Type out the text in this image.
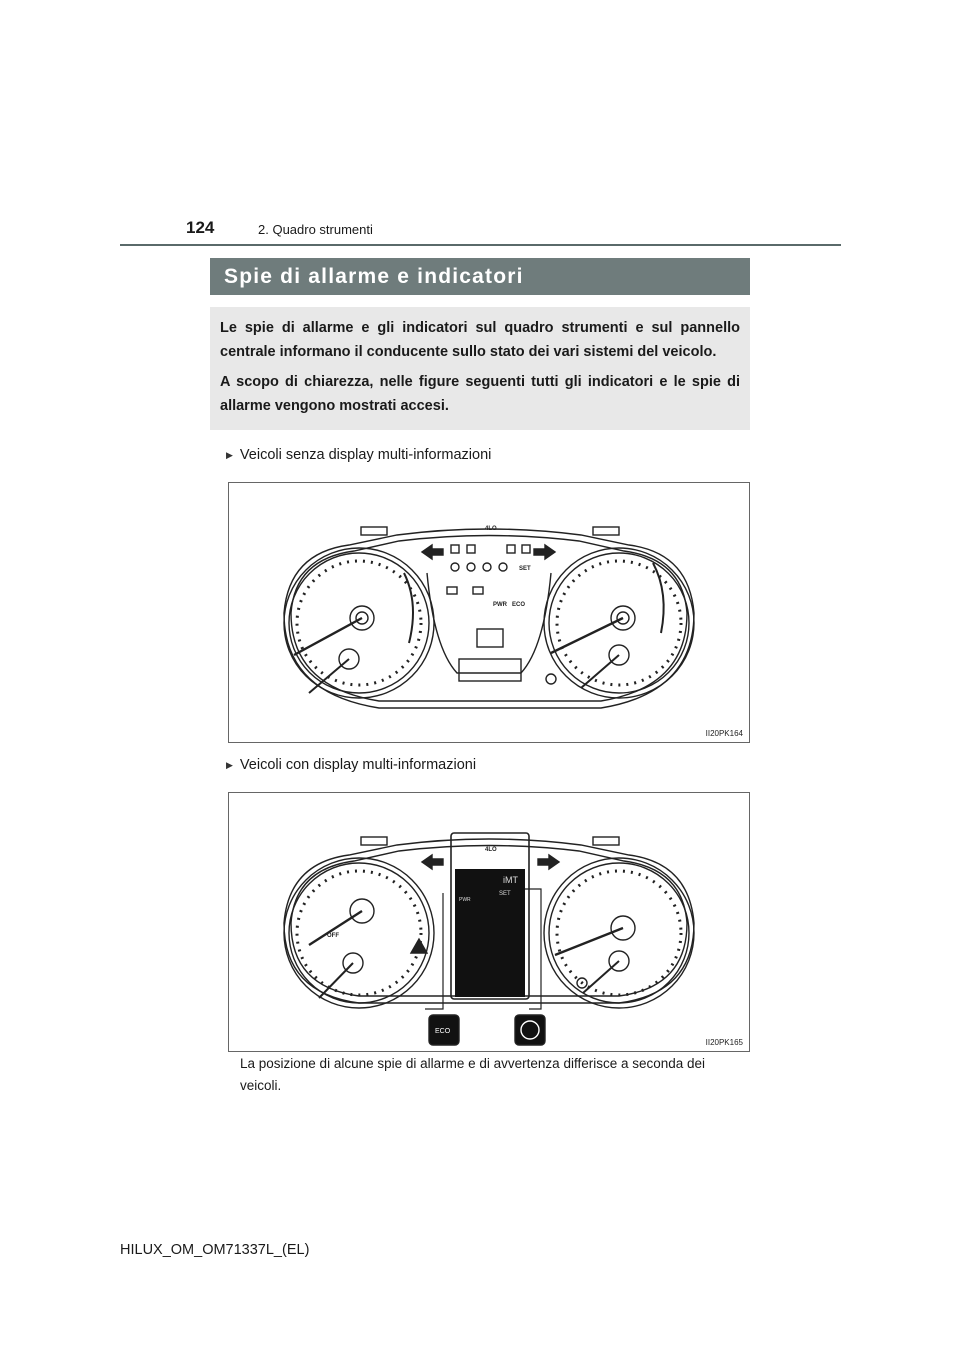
124	2. Quadro strumenti
Spie di allarme e indicatori

Le spie di allarme e gli indicatori sul quadro strumenti e sul pannello centrale informano il conducente sullo stato dei vari sistemi del veicolo.

A scopo di chiarezza, nelle figure seguenti tutti gli indicatori e le spie di allarme vengono mostrati accesi.

▶ Veicoli senza display multi-informazioni
4LO
SET
PWR ECO
II20PK164
▶ Veicoli con display multi-informazioni
4LO
OFF
iMT
SET
PWR
ECO
II20PK165
La posizione di alcune spie di allarme e di avvertenza differisce a seconda dei veicoli.
HILUX_OM_OM71337L_(EL)
